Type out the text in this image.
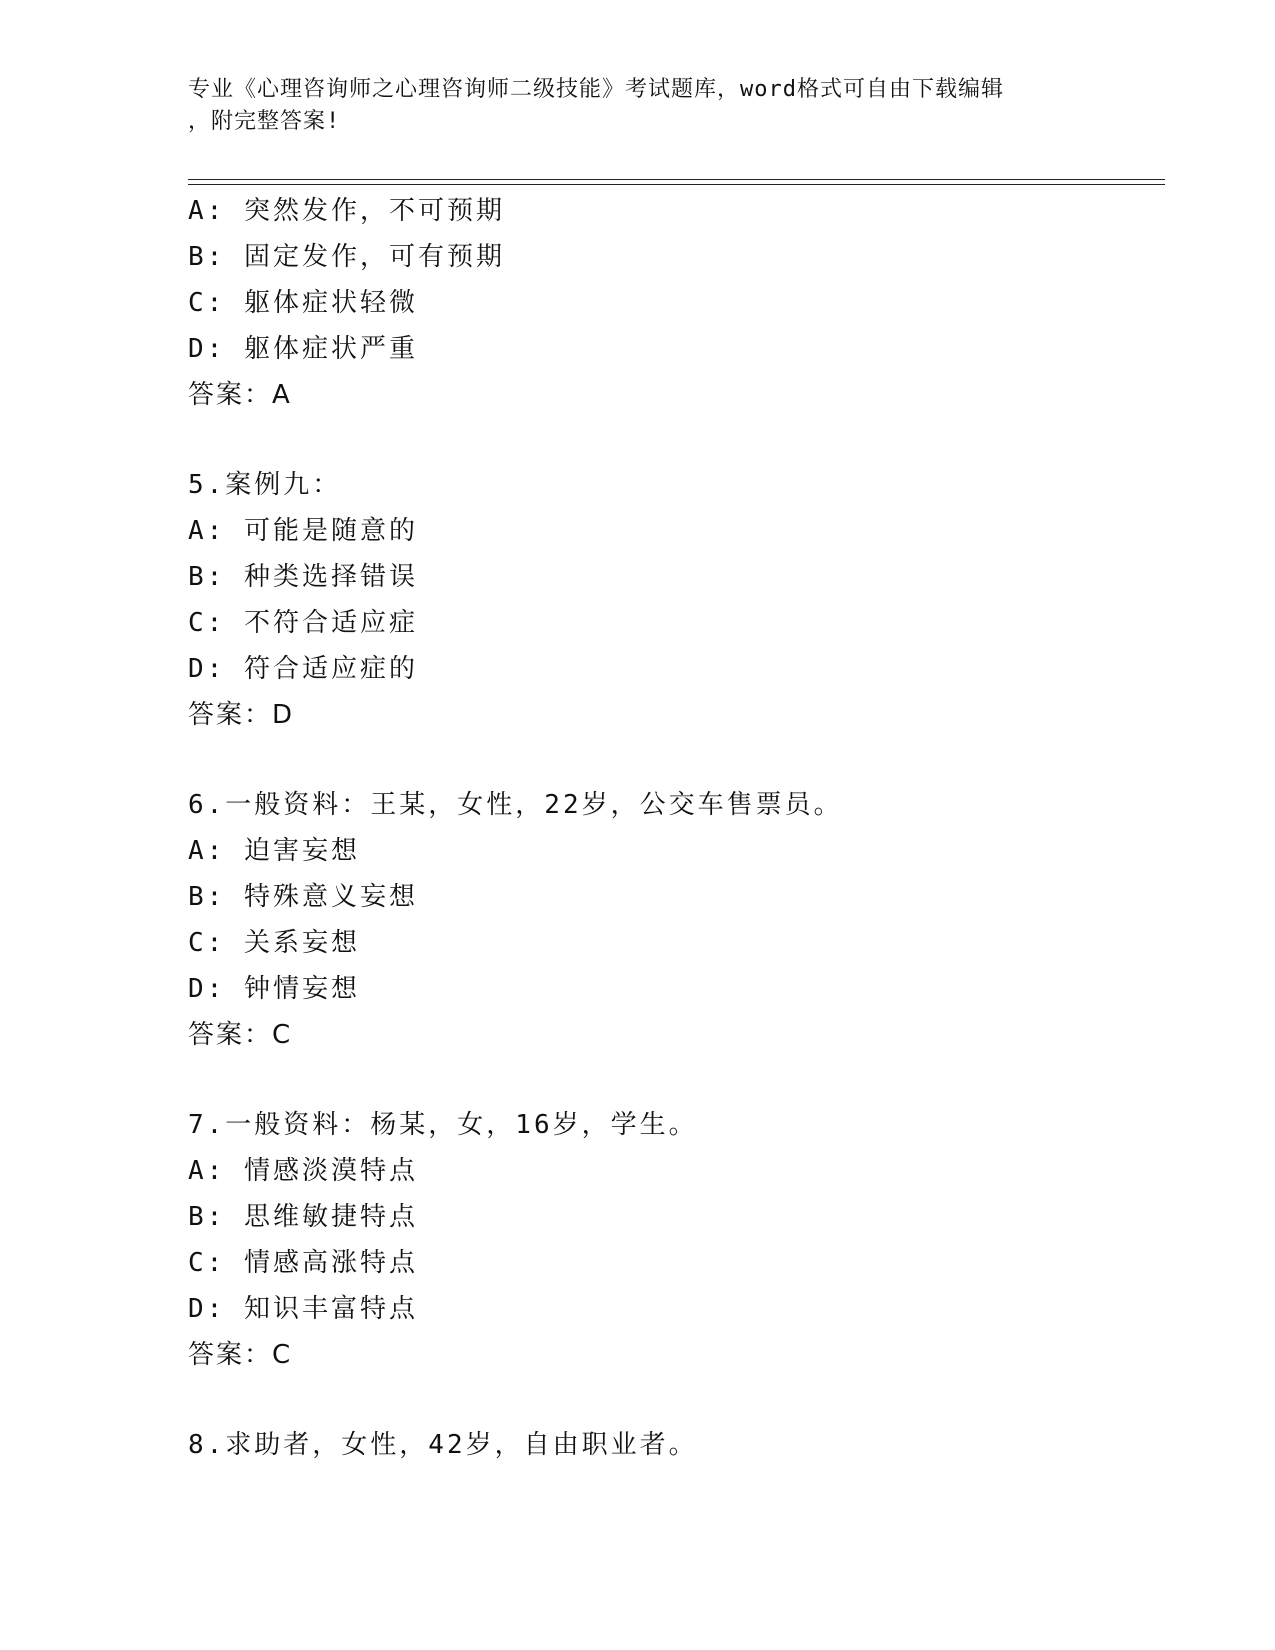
专业《心理咨询师之心理咨询师二级技能》考试题库，word格式可自由下载编辑
，附完整答案!
A: 突然发作，不可预期
B: 固定发作，可有预期
C: 躯体症状轻微
D: 躯体症状严重
答案：A
5.案例九：
A: 可能是随意的
B: 种类选择错误
C: 不符合适应症
D: 符合适应症的
答案：D
6.一般资料：王某，女性，22岁，公交车售票员。
A: 迫害妄想
B: 特殊意义妄想
C: 关系妄想
D: 钟情妄想
答案：C
7.一般资料：杨某，女，16岁，学生。
A: 情感淡漠特点
B: 思维敏捷特点
C: 情感高涨特点
D: 知识丰富特点
答案：C
8.求助者，女性，42岁，自由职业者。
